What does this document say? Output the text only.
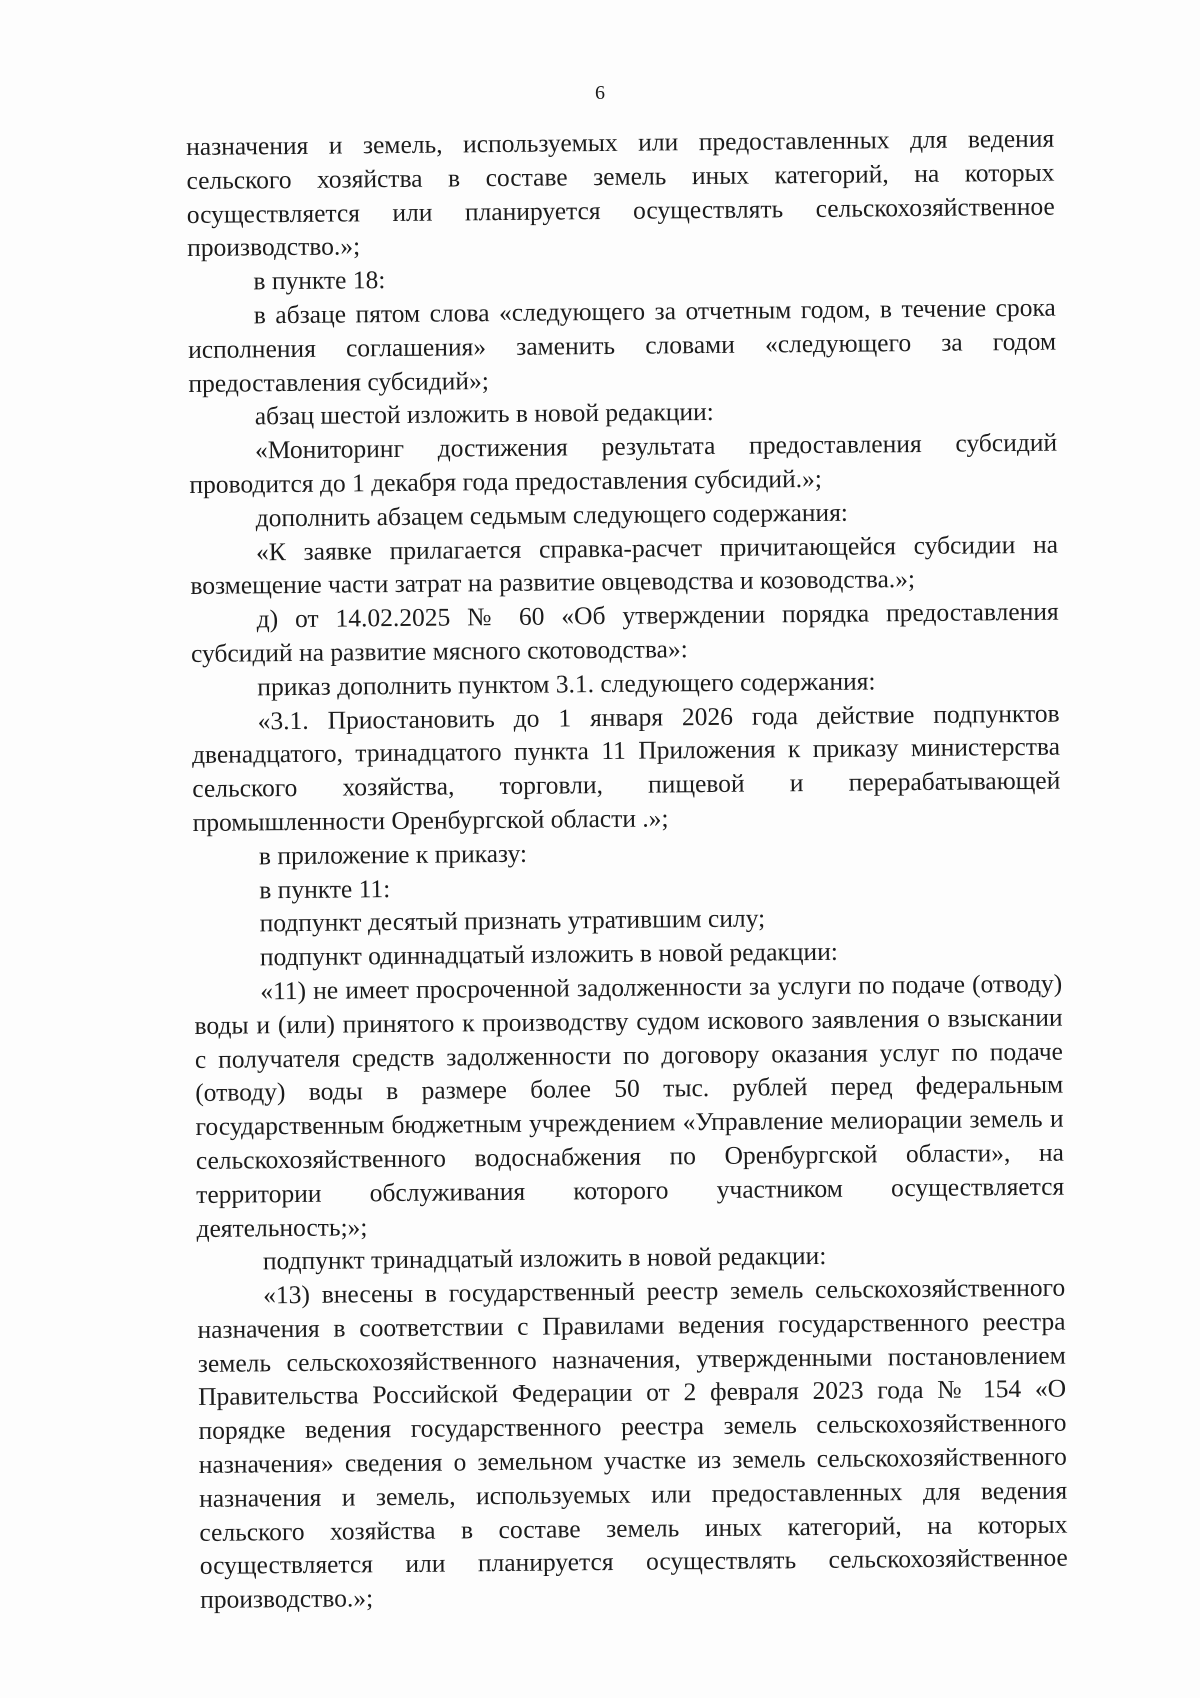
6

назначения и земель, используемых или предоставленных для ведения сельского хозяйства в составе земель иных категорий, на которых осуществляется или планируется осуществлять сельскохозяйственное производство.»;

в пункте 18:

в абзаце пятом слова «следующего за отчетным годом, в течение срока исполнения соглашения» заменить словами «следующего за годом предоставления субсидий»;

абзац шестой изложить в новой редакции:

«Мониторинг достижения результата предоставления субсидий проводится до 1 декабря года предоставления субсидий.»;

дополнить абзацем седьмым следующего содержания:

«К заявке прилагается справка-расчет причитающейся субсидии на возмещение части затрат на развитие овцеводства и козоводства.»;

д) от 14.02.2025 № 60 «Об утверждении порядка предоставления субсидий на развитие мясного скотоводства»:

приказ дополнить пунктом 3.1. следующего содержания:

«3.1. Приостановить до 1 января 2026 года действие подпунктов двенадцатого, тринадцатого пункта 11 Приложения к приказу министерства сельского хозяйства, торговли, пищевой и перерабатывающей промышленности Оренбургской области .»;

в приложение к приказу:

в пункте 11:

подпункт десятый признать утратившим силу;

подпункт одиннадцатый изложить в новой редакции:

«11) не имеет просроченной задолженности за услуги по подаче (отводу) воды и (или) принятого к производству судом искового заявления о взыскании с получателя средств задолженности по договору оказания услуг по подаче (отводу) воды в размере более 50 тыс. рублей перед федеральным государственным бюджетным учреждением «Управление мелиорации земель и сельскохозяйственного водоснабжения по Оренбургской области», на территории обслуживания которого участником осуществляется деятельность;»;

подпункт тринадцатый изложить в новой редакции:

«13) внесены в государственный реестр земель сельскохозяйственного назначения в соответствии с Правилами ведения государственного реестра земель сельскохозяйственного назначения, утвержденными постановлением Правительства Российской Федерации от 2 февраля 2023 года № 154 «О порядке ведения государственного реестра земель сельскохозяйственного назначения» сведения о земельном участке из земель сельскохозяйственного назначения и земель, используемых или предоставленных для ведения сельского хозяйства в составе земель иных категорий, на которых осуществляется или планируется осуществлять сельскохозяйственное производство.»;
